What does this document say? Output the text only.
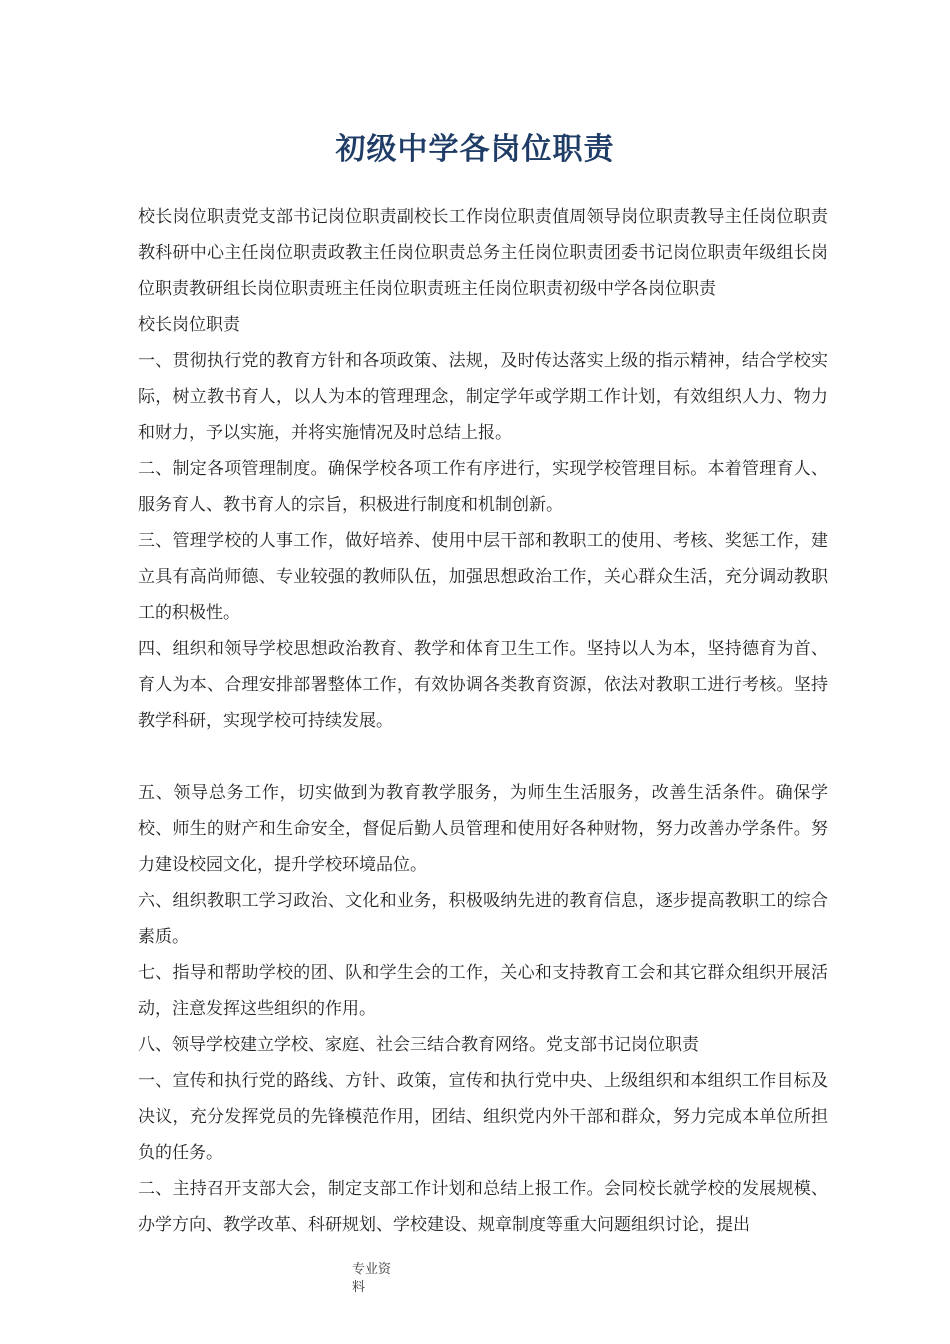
初级中学各岗位职责

校长岗位职责党支部书记岗位职责副校长工作岗位职责值周领导岗位职责教导主任岗位职责教科研中心主任岗位职责政教主任岗位职责总务主任岗位职责团委书记岗位职责年级组长岗位职责教研组长岗位职责班主任岗位职责班主任岗位职责初级中学各岗位职责

校长岗位职责

一、贯彻执行党的教育方针和各项政策、法规，及时传达落实上级的指示精神，结合学校实际，树立教书育人，以人为本的管理理念，制定学年或学期工作计划，有效组织人力、物力和财力，予以实施，并将实施情况及时总结上报。

二、制定各项管理制度。确保学校各项工作有序进行，实现学校管理目标。本着管理育人、服务育人、教书育人的宗旨，积极进行制度和机制创新。

三、管理学校的人事工作，做好培养、使用中层干部和教职工的使用、考核、奖惩工作，建立具有高尚师德、专业较强的教师队伍，加强思想政治工作，关心群众生活，充分调动教职工的积极性。

四、组织和领导学校思想政治教育、教学和体育卫生工作。坚持以人为本，坚持德育为首、育人为本、合理安排部署整体工作，有效协调各类教育资源，依法对教职工进行考核。坚持教学科研，实现学校可持续发展。

五、领导总务工作，切实做到为教育教学服务，为师生生活服务，改善生活条件。确保学校、师生的财产和生命安全，督促后勤人员管理和使用好各种财物，努力改善办学条件。努力建设校园文化，提升学校环境品位。

六、组织教职工学习政治、文化和业务，积极吸纳先进的教育信息，逐步提高教职工的综合素质。

七、指导和帮助学校的团、队和学生会的工作，关心和支持教育工会和其它群众组织开展活动，注意发挥这些组织的作用。

八、领导学校建立学校、家庭、社会三结合教育网络。党支部书记岗位职责

一、宣传和执行党的路线、方针、政策，宣传和执行党中央、上级组织和本组织工作目标及决议，充分发挥党员的先锋模范作用，团结、组织党内外干部和群众，努力完成本单位所担负的任务。

二、主持召开支部大会，制定支部工作计划和总结上报工作。会同校长就学校的发展规模、办学方向、教学改革、科研规划、学校建设、规章制度等重大问题组织讨论，提出

专业资料
